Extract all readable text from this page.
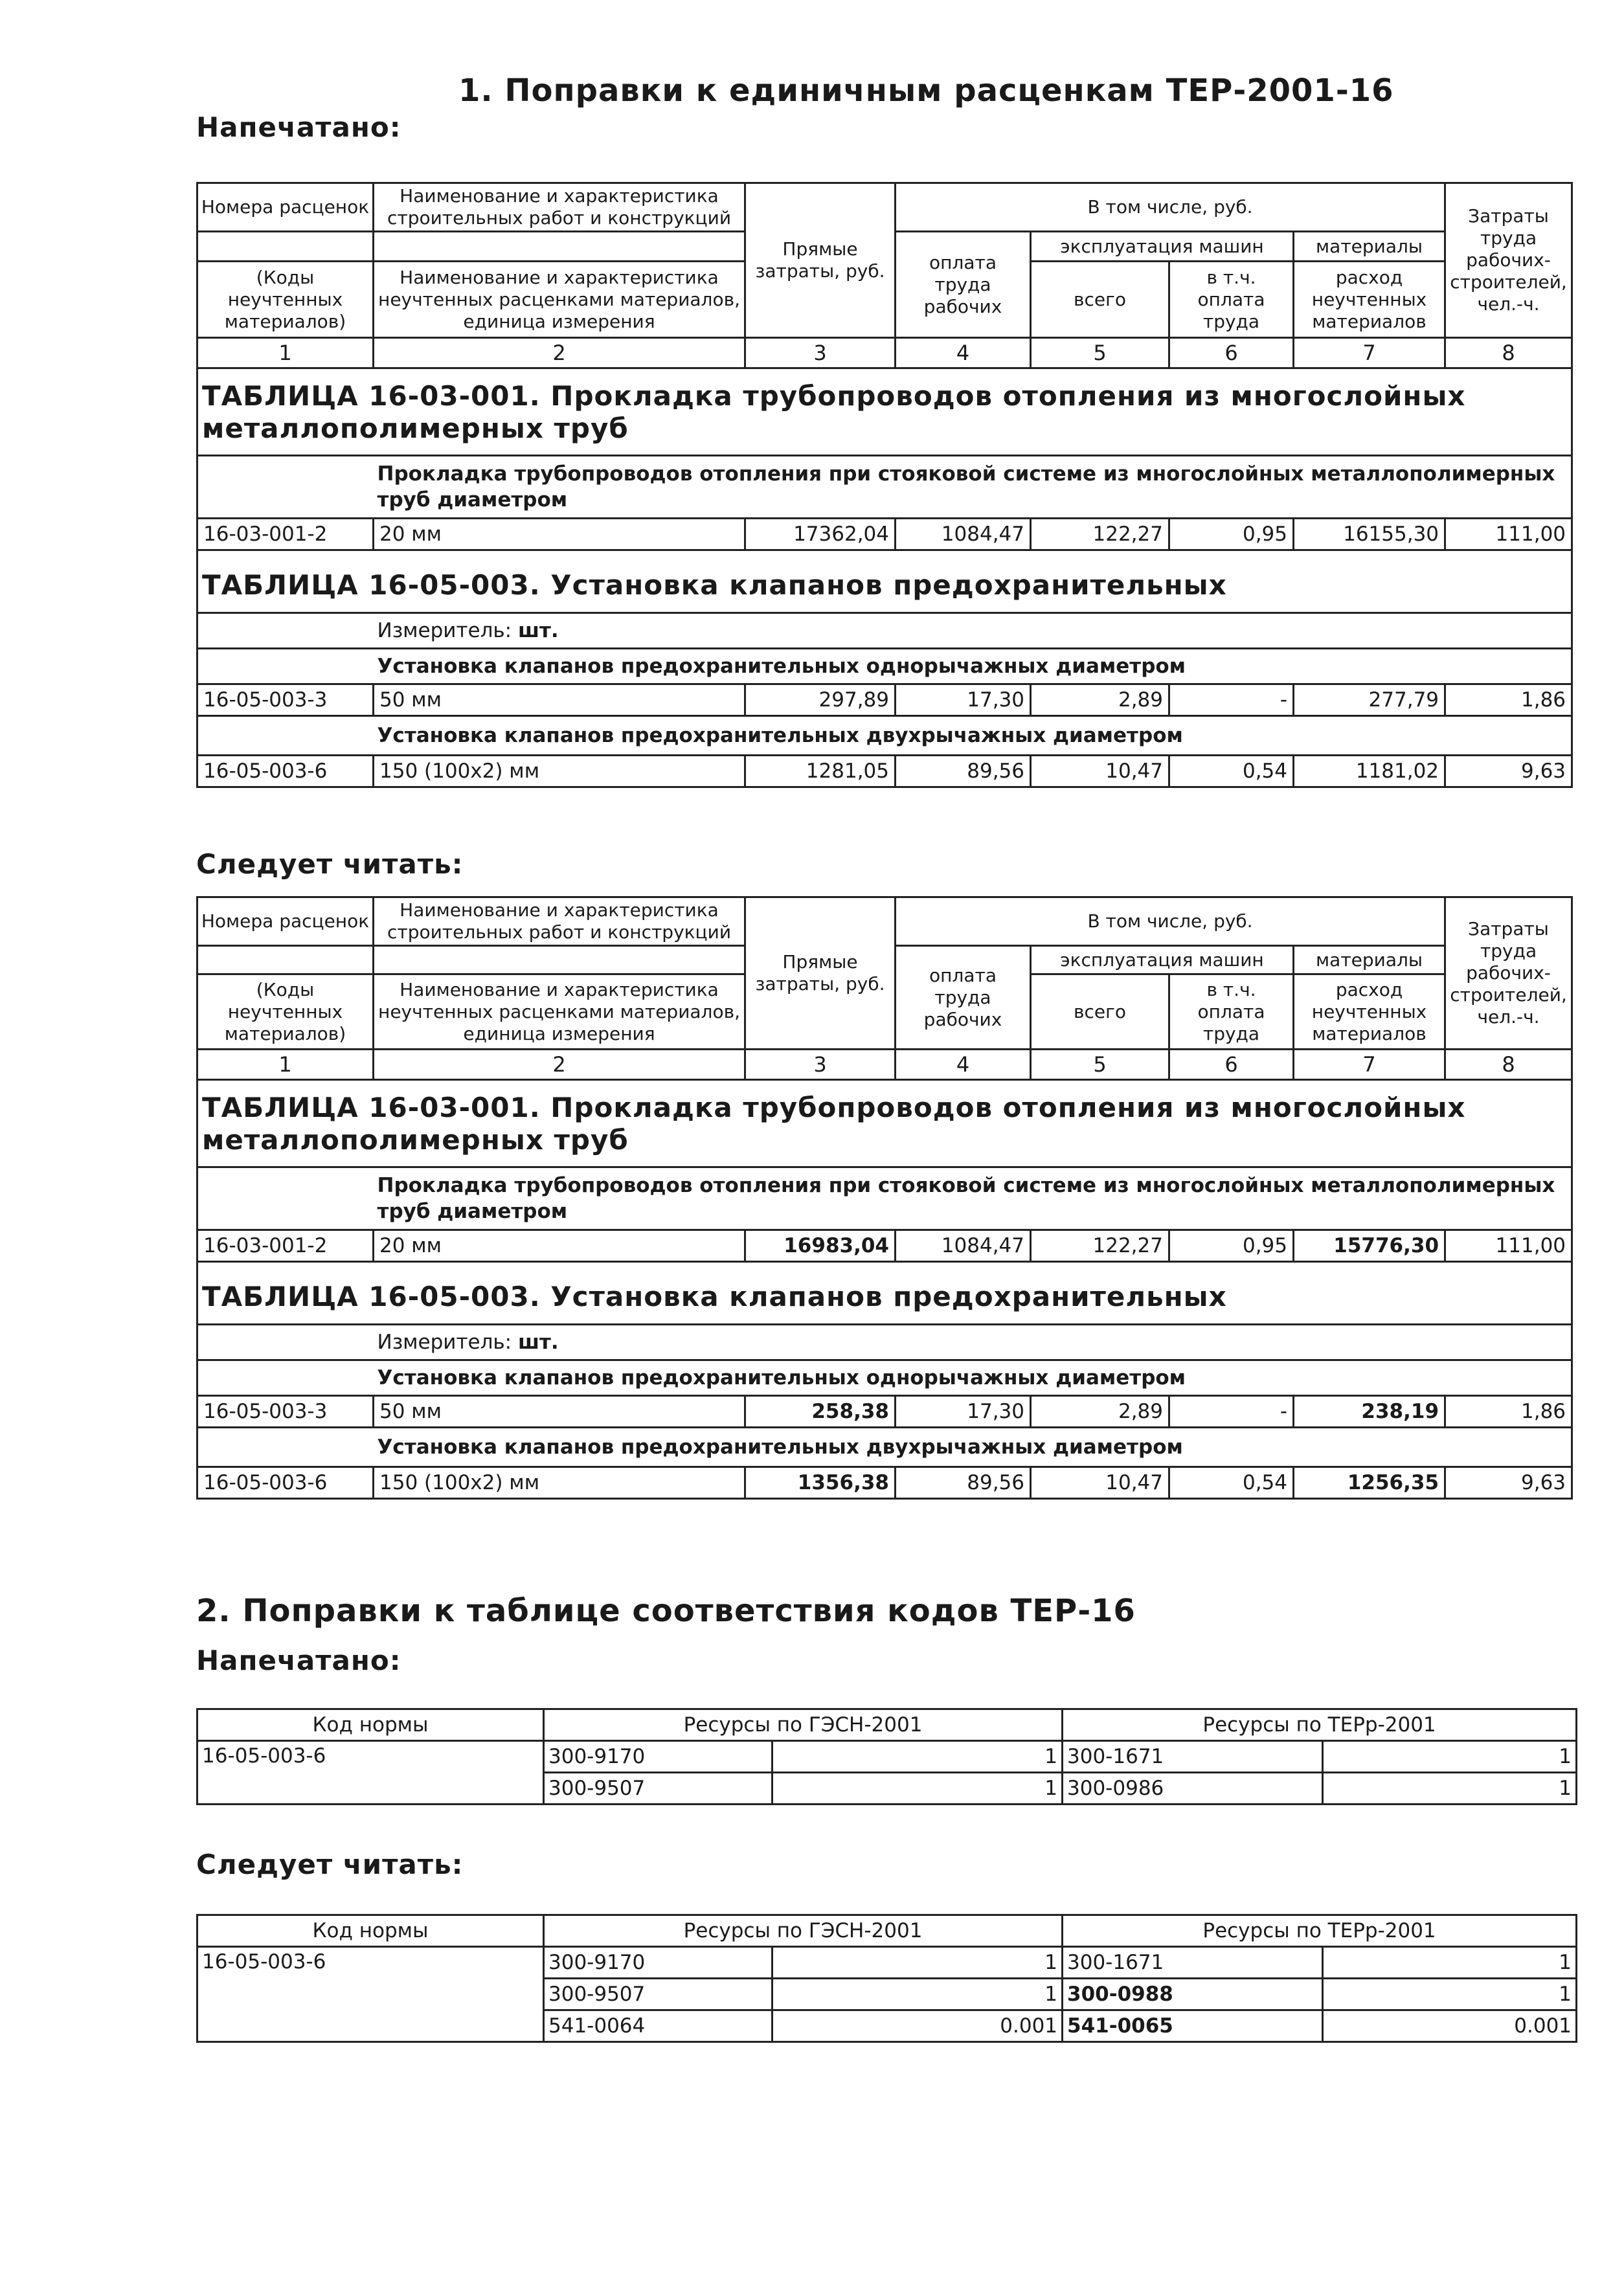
1. Поправки к единичным расценкам ТЕР-2001-16
Напечатано:
Номера расценок	Наименование и характеристика строительных работ и конструкций	Прямые затраты, руб.	В том числе, руб.				Затраты труда рабочих-строителей, чел.-ч.
			оплата труда рабочих	эксплуатация машин		материалы	
(Коды неучтенных материалов)	Наименование и характеристика неучтенных расценками материалов, единица измерения			всего	в т.ч. оплата труда	расход неучтенных материалов	
1	2	3	4	5	6	7	8
ТАБЛИЦА 16-03-001. Прокладка трубопроводов отопления из многослойных металлополимерных труб							
	Прокладка трубопроводов отопления при стояковой системе из многослойных металлополимерных труб диаметром						
16-03-001-2	20 мм	17362,04	1084,47	122,27	0,95	16155,30	111,00
ТАБЛИЦА 16-05-003. Установка клапанов предохранительных							
	Измеритель: шт.						
	Установка клапанов предохранительных однорычажных диаметром						
16-05-003-3	50 мм	297,89	17,30	2,89	-	277,79	1,86
	Установка клапанов предохранительных двухрычажных диаметром						
16-05-003-6	150 (100х2) мм	1281,05	89,56	10,47	0,54	1181,02	9,63
Следует читать:
Номера расценок	Наименование и характеристика строительных работ и конструкций	Прямые затраты, руб.	В том числе, руб.				Затраты труда рабочих-строителей, чел.-ч.
			оплата труда рабочих	эксплуатация машин		материалы	
(Коды неучтенных материалов)	Наименование и характеристика неучтенных расценками материалов, единица измерения			всего	в т.ч. оплата труда	расход неучтенных материалов	
1	2	3	4	5	6	7	8
ТАБЛИЦА 16-03-001. Прокладка трубопроводов отопления из многослойных металлополимерных труб							
	Прокладка трубопроводов отопления при стояковой системе из многослойных металлополимерных труб диаметром						
16-03-001-2	20 мм	16983,04	1084,47	122,27	0,95	15776,30	111,00
ТАБЛИЦА 16-05-003. Установка клапанов предохранительных							
	Измеритель: шт.						
	Установка клапанов предохранительных однорычажных диаметром						
16-05-003-3	50 мм	258,38	17,30	2,89	-	238,19	1,86
	Установка клапанов предохранительных двухрычажных диаметром						
16-05-003-6	150 (100х2) мм	1356,38	89,56	10,47	0,54	1256,35	9,63
2. Поправки к таблице соответствия кодов ТЕР-16
Напечатано:
Код нормы	Ресурсы по ГЭСН-2001		Ресурсы по ТЕРр-2001	
16-05-003-6	300-9170	1	300-1671	1
	300-9507	1	300-0986	1
Следует читать:
Код нормы	Ресурсы по ГЭСН-2001		Ресурсы по ТЕРр-2001	
16-05-003-6	300-9170	1	300-1671	1
	300-9507	1	300-0988	1
	541-0064	0.001	541-0065	0.001
